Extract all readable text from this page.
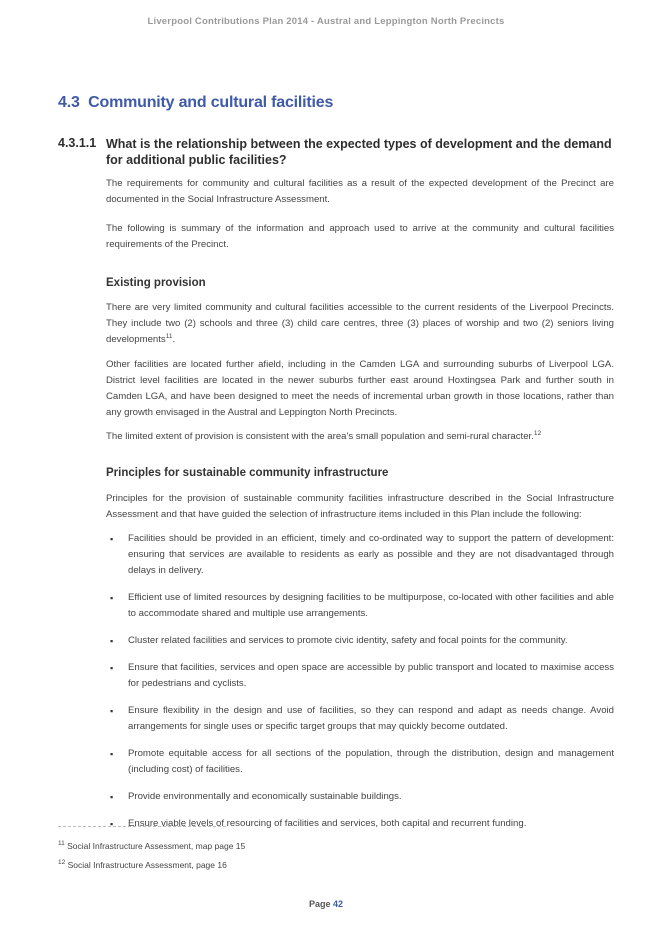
Liverpool Contributions Plan 2014 - Austral and Leppington North Precincts
4.3 Community and cultural facilities
4.3.1.1 What is the relationship between the expected types of development and the demand for additional public facilities?

The requirements for community and cultural facilities as a result of the expected development of the Precinct are documented in the Social Infrastructure Assessment.

The following is summary of the information and approach used to arrive at the community and cultural facilities requirements of the Precinct.

Existing provision

There are very limited community and cultural facilities accessible to the current residents of the Liverpool Precincts. They include two (2) schools and three (3) child care centres, three (3) places of worship and two (2) seniors living developments$^{11}$.

Other facilities are located further afield, including in the Camden LGA and surrounding suburbs of Liverpool LGA. District level facilities are located in the newer suburbs further east around Hoxtingsea Park and further south in Camden LGA, and have been designed to meet the needs of incremental urban growth in those locations, rather than any growth envisaged in the Austral and Leppington North Precincts.

The limited extent of provision is consistent with the area's small population and semi-rural character.$^{12}$

Principles for sustainable community infrastructure

Principles for the provision of sustainable community facilities infrastructure described in the Social Infrastructure Assessment and that have guided the selection of infrastructure items included in this Plan include the following:

▪ Facilities should be provided in an efficient, timely and co-ordinated way to support the pattern of development: ensuring that services are available to residents as early as possible and they are not disadvantaged through delays in delivery.
▪ Efficient use of limited resources by designing facilities to be multipurpose, co-located with other facilities and able to accommodate shared and multiple use arrangements.
▪ Cluster related facilities and services to promote civic identity, safety and focal points for the community.
▪ Ensure that facilities, services and open space are accessible by public transport and located to maximise access for pedestrians and cyclists.
▪ Ensure flexibility in the design and use of facilities, so they can respond and adapt as needs change. Avoid arrangements for single uses or specific target groups that may quickly become outdated.
▪ Promote equitable access for all sections of the population, through the distribution, design and management (including cost) of facilities.
▪ Provide environmentally and economically sustainable buildings.
▪ Ensure viable levels of resourcing of facilities and services, both capital and recurrent funding.
$^{11}$ Social Infrastructure Assessment, map page 15
$^{12}$ Social Infrastructure Assessment, page 16
Page 42
